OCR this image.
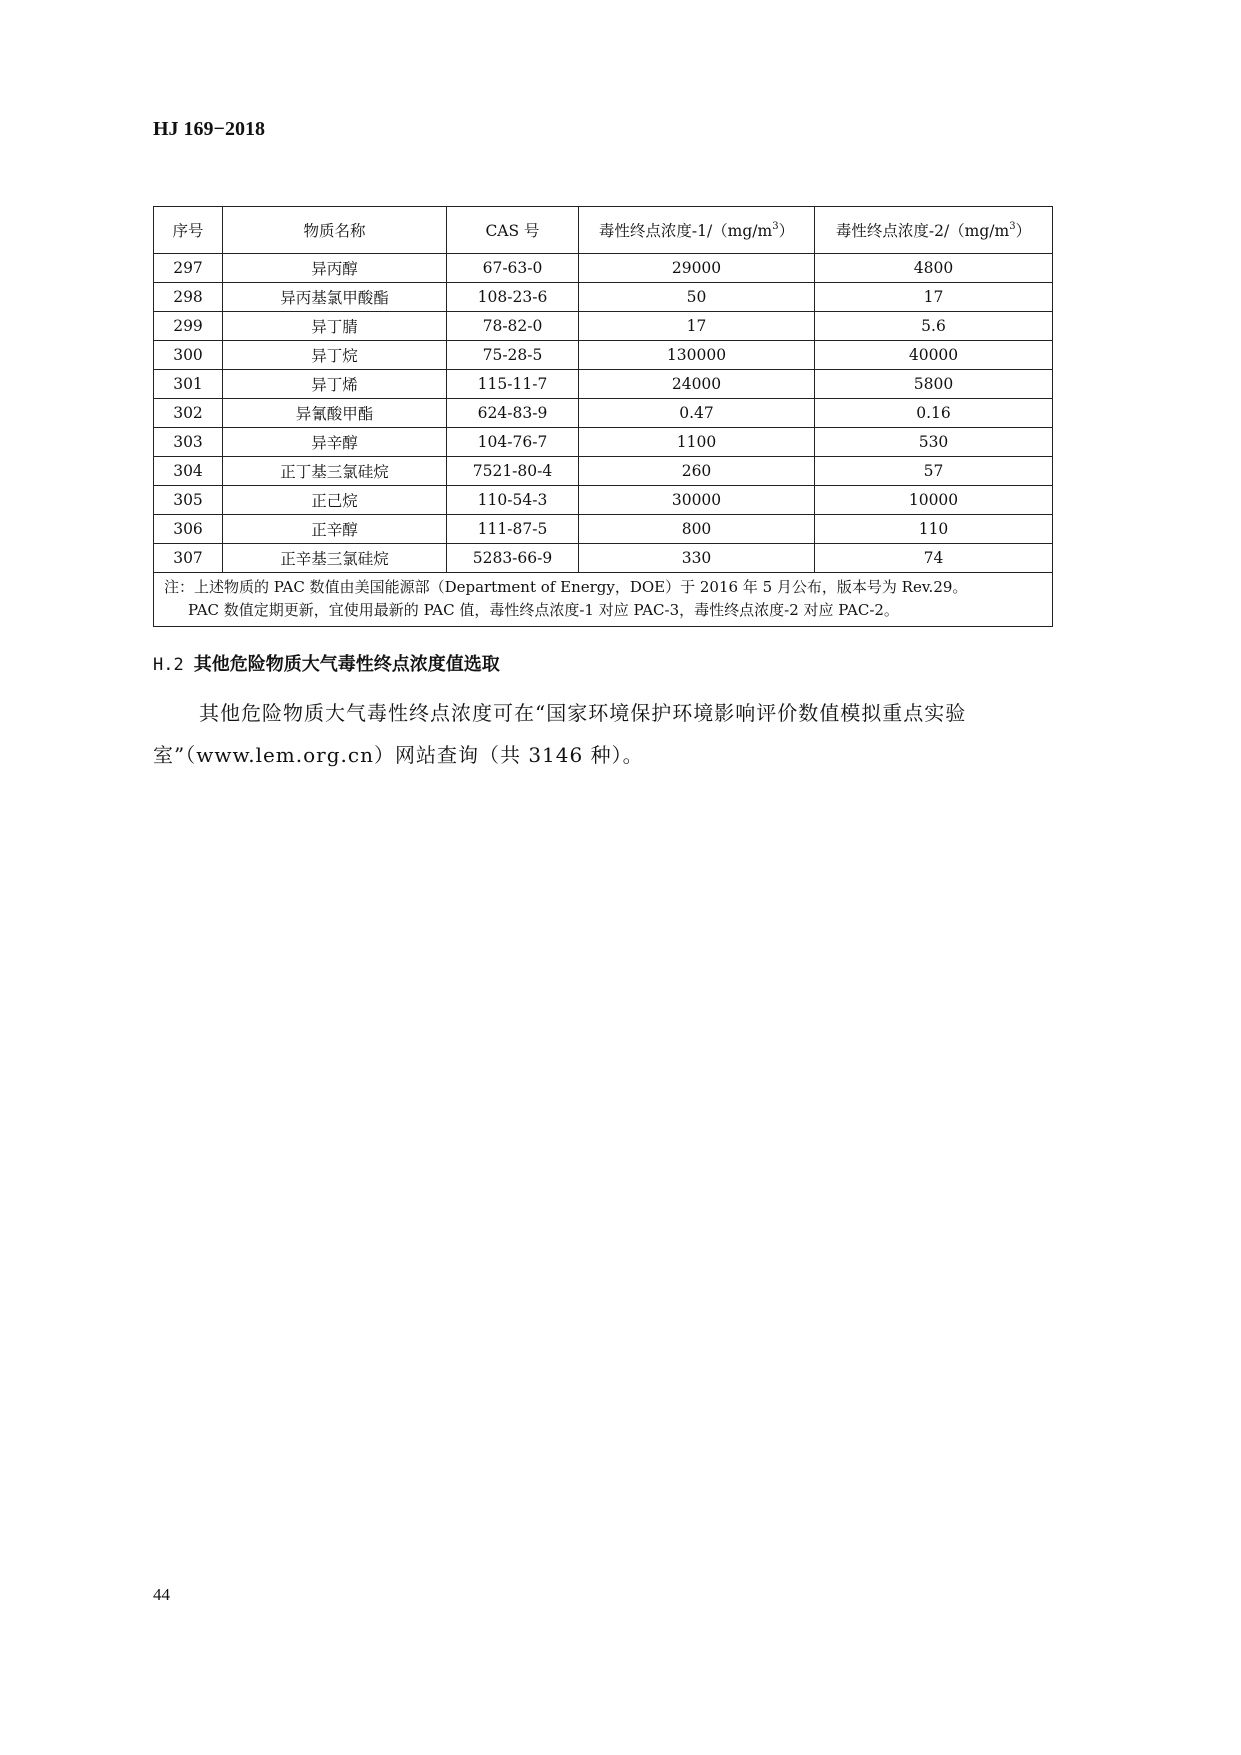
HJ 169−2018
序号	物质名称	CAS 号	毒性终点浓度$-1/(mg/m^3)$	毒性终点浓度$-2/(mg/m^3)$
297	异丙醇	67-63-0	29000	4800
298	异丙基氯甲酸酯	108-23-6	50	17
299	异丁腈	78-82-0	17	5.6
300	异丁烷	75-28-5	130000	40000
301	异丁烯	115-11-7	24000	5800
302	异氰酸甲酯	624-83-9	0.47	0.16
303	异辛醇	104-76-7	1100	530
304	正丁基三氯硅烷	7521-80-4	260	57
305	正己烷	110-54-3	30000	10000
306	正辛醇	111-87-5	800	110
307	正辛基三氯硅烷	5283-66-9	330	74

注：上述物质的 PAC 数值由美国能源部（Department of Energy，DOE）于 2016 年 5 月公布，版本号为 Rev.29。
PAC 数值定期更新，宜使用最新的 PAC 值，毒性终点浓度-1 对应 PAC-3，毒性终点浓度-2 对应 PAC-2。				
H.2 其他危险物质大气毒性终点浓度值选取
其他危险物质大气毒性终点浓度可在“国家环境保护环境影响评价数值模拟重点实验室”（www.lem.org.cn）网站查询（共 3146 种）。
44
